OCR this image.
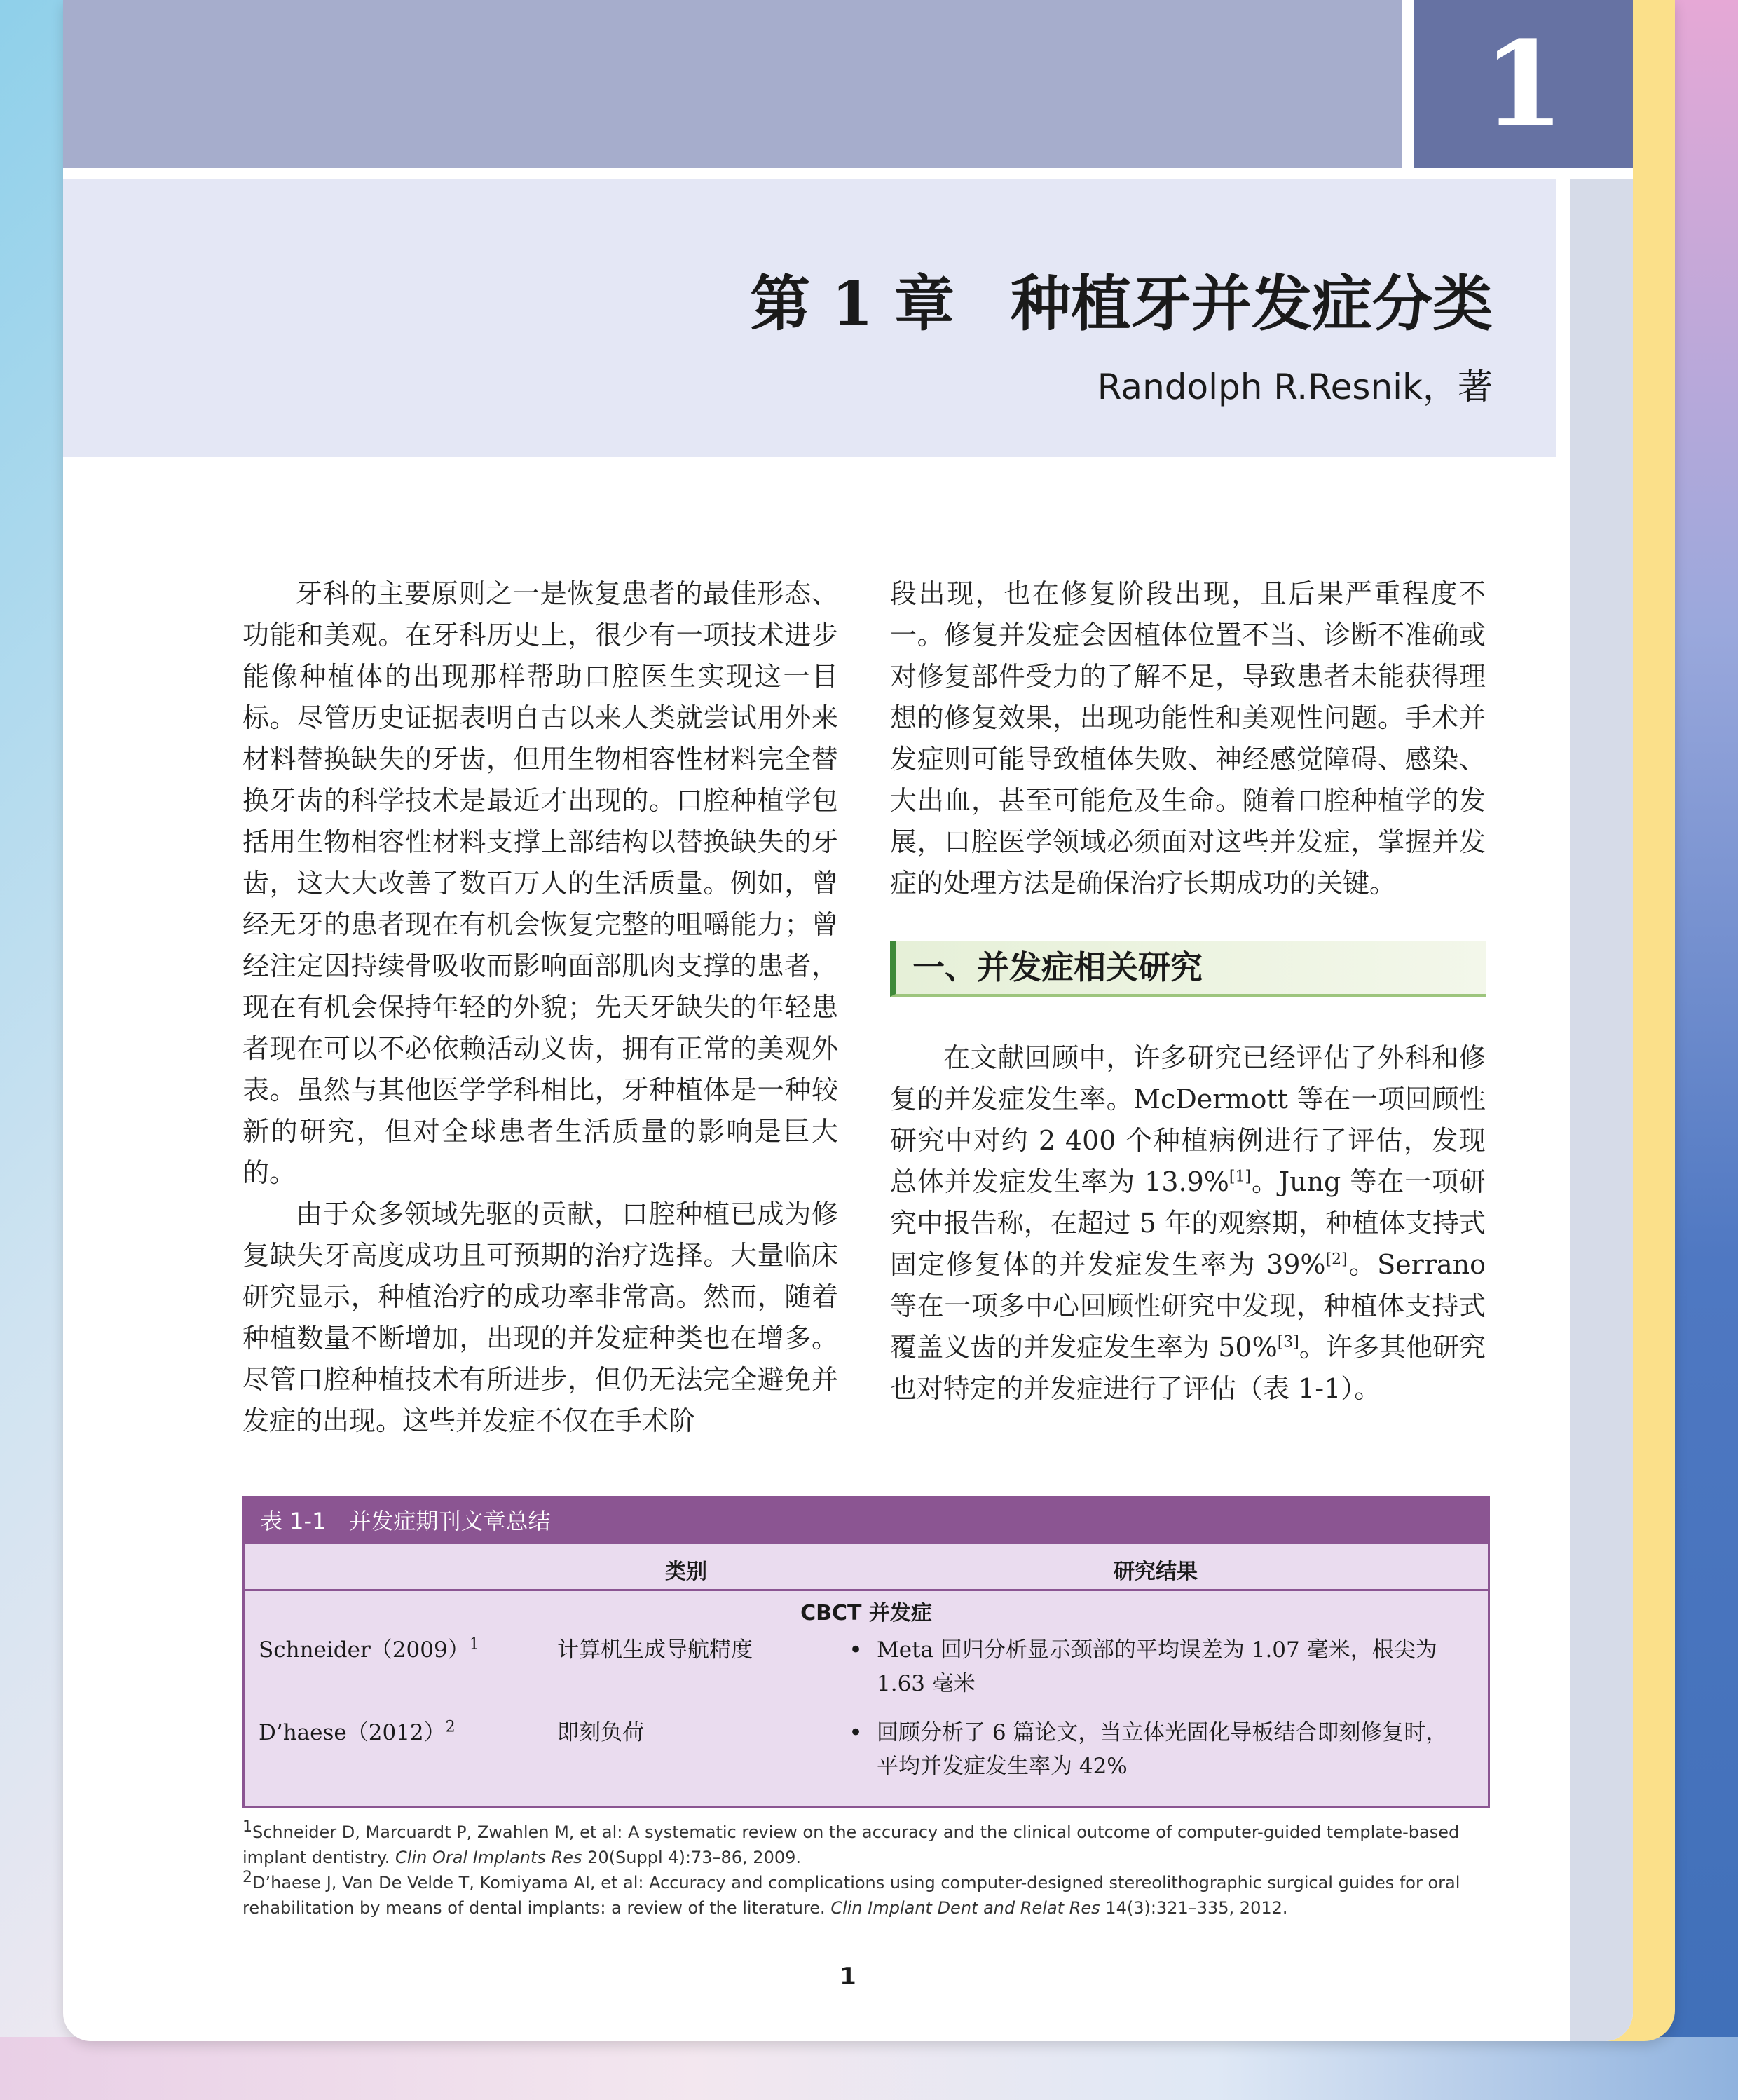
1
第 1 章 种植牙并发症分类
Randolph R.Resnik，著

牙科的主要原则之一是恢复患者的最佳形态、功能和美观。在牙科历史上，很少有一项技术进步能像种植体的出现那样帮助口腔医生实现这一目标。尽管历史证据表明自古以来人类就尝试用外来材料替换缺失的牙齿，但用生物相容性材料完全替换牙齿的科学技术是最近才出现的。口腔种植学包括用生物相容性材料支撑上部结构以替换缺失的牙齿，这大大改善了数百万人的生活质量。例如，曾经无牙的患者现在有机会恢复完整的咀嚼能力；曾经注定因持续骨吸收而影响面部肌肉支撑的患者，现在有机会保持年轻的外貌；先天牙缺失的年轻患者现在可以不必依赖活动义齿，拥有正常的美观外表。虽然与其他医学学科相比，牙种植体是一种较新的研究，但对全球患者生活质量的影响是巨大的。

由于众多领域先驱的贡献，口腔种植已成为修复缺失牙高度成功且可预期的治疗选择。大量临床研究显示，种植治疗的成功率非常高。然而，随着种植数量不断增加，出现的并发症种类也在增多。尽管口腔种植技术有所进步，但仍无法完全避免并发症的出现。这些并发症不仅在手术阶

段出现，也在修复阶段出现，且后果严重程度不一。修复并发症会因植体位置不当、诊断不准确或对修复部件受力的了解不足，导致患者未能获得理想的修复效果，出现功能性和美观性问题。手术并发症则可能导致植体失败、神经感觉障碍、感染、大出血，甚至可能危及生命。随着口腔种植学的发展，口腔医学领域必须面对这些并发症，掌握并发症的处理方法是确保治疗长期成功的关键。

一、并发症相关研究

在文献回顾中，许多研究已经评估了外科和修复的并发症发生率。McDermott 等在一项回顾性研究中对约 2 400 个种植病例进行了评估，发现总体并发症发生率为 13.9%[1]。Jung 等在一项研究中报告称，在超过 5 年的观察期，种植体支持式固定修复体的并发症发生率为 39%[2]。Serrano 等在一项多中心回顾性研究中发现，种植体支持式覆盖义齿的并发症发生率为 50%[3]。许多其他研究也对特定的并发症进行了评估（表 1-1）。

表 1-1　并发症期刊文章总结
类别	研究结果
CBCT 并发症
$Schneider(2009)^1$	计算机生成导航精度	• Meta 回归分析显示颈部的平均误差为 1.07 毫米，根尖为 1.63 毫米
$D’haese(2012)^2$	即刻负荷	• 回顾分析了 6 篇论文，当立体光固化导板结合即刻修复时，平均并发症发生率为 42%

$^1$Schneider D, Marcuardt P, Zwahlen M, et al: A systematic review on the accuracy and the clinical outcome of computer-guided template-based implant dentistry. Clin Oral Implants Res 20(Suppl 4):73–86, 2009.

$^2$D’haese J, Van De Velde T, Komiyama AI, et al: Accuracy and complications using computer-designed stereolithographic surgical guides for oral rehabilitation by means of dental implants: a review of the literature. Clin Implant Dent and Relat Res 14(3):321–335, 2012.

1
